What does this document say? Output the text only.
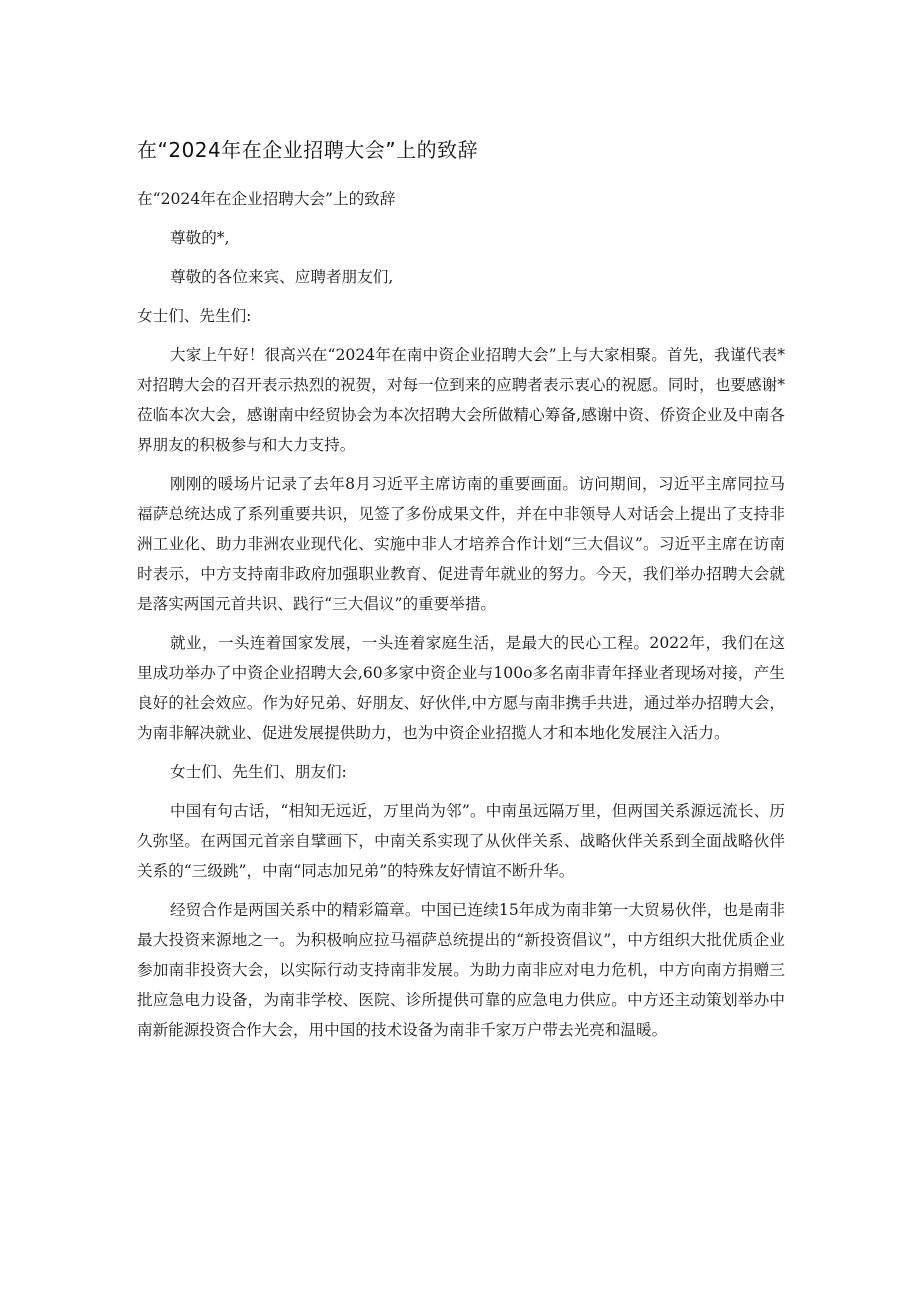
在“2024年在企业招聘大会”上的致辞

在“2024年在企业招聘大会”上的致辞

尊敬的*,

尊敬的各位来宾、应聘者朋友们,

女士们、先生们:

大家上午好！很高兴在“2024年在南中资企业招聘大会”上与大家相聚。首先，我谨代表*对招聘大会的召开表示热烈的祝贺，对每一位到来的应聘者表示衷心的祝愿。同时，也要感谢*莅临本次大会，感谢南中经贸协会为本次招聘大会所做精心筹备,感谢中资、侨资企业及中南各界朋友的积极参与和大力支持。

刚刚的暖场片记录了去年8月习近平主席访南的重要画面。访问期间，习近平主席同拉马福萨总统达成了系列重要共识，见签了多份成果文件，并在中非领导人对话会上提出了支持非洲工业化、助力非洲农业现代化、实施中非人才培养合作计划“三大倡议”。习近平主席在访南时表示，中方支持南非政府加强职业教育、促进青年就业的努力。今天，我们举办招聘大会就是落实两国元首共识、践行“三大倡议”的重要举措。

就业，一头连着国家发展，一头连着家庭生活，是最大的民心工程。2022年，我们在这里成功举办了中资企业招聘大会,60多家中资企业与100o多名南非青年择业者现场对接，产生良好的社会效应。作为好兄弟、好朋友、好伙伴,中方愿与南非携手共进，通过举办招聘大会，为南非解决就业、促进发展提供助力，也为中资企业招揽人才和本地化发展注入活力。

女士们、先生们、朋友们:

中国有句古话，“相知无远近，万里尚为邻”。中南虽远隔万里，但两国关系源远流长、历久弥坚。在两国元首亲自擘画下，中南关系实现了从伙伴关系、战略伙伴关系到全面战略伙伴关系的“三级跳”，中南“同志加兄弟”的特殊友好情谊不断升华。

经贸合作是两国关系中的精彩篇章。中国已连续15年成为南非第一大贸易伙伴，也是南非最大投资来源地之一。为积极响应拉马福萨总统提出的“新投资倡议”，中方组织大批优质企业参加南非投资大会，以实际行动支持南非发展。为助力南非应对电力危机，中方向南方捐赠三批应急电力设备，为南非学校、医院、诊所提供可靠的应急电力供应。中方还主动策划举办中南新能源投资合作大会，用中国的技术设备为南非千家万户带去光亮和温暖。
